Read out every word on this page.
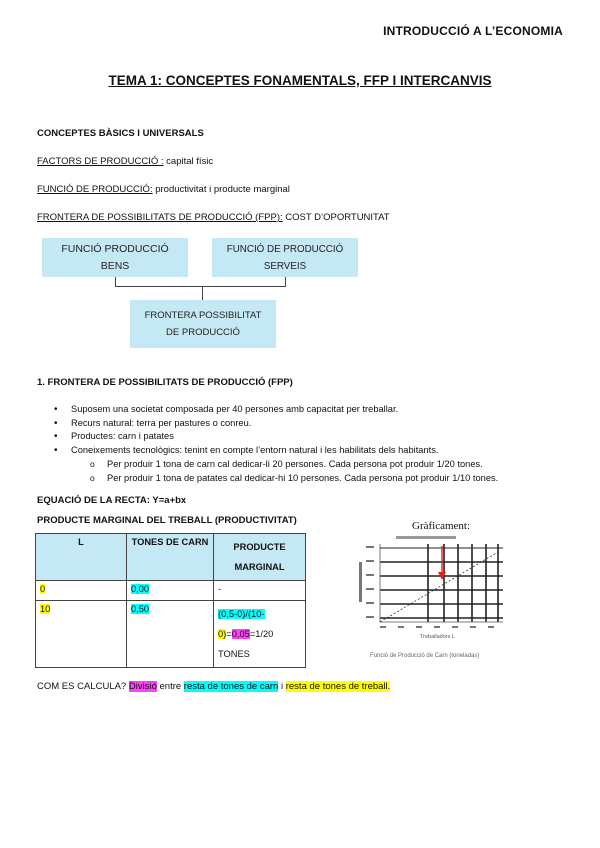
INTRODUCCIÓ A L’ECONOMIA
TEMA 1: CONCEPTES FONAMENTALS, FFP I INTERCANVIS
CONCEPTES BÀSICS I UNIVERSALS
FACTORS DE PRODUCCIÓ : capital físic
FUNCIÓ DE PRODUCCIÓ: productivitat i producte marginal
FRONTERA DE POSSIBILITATS DE PRODUCCIÓ (FPP): COST D’OPORTUNITAT
FUNCIÓ PRODUCCIÓ BENS
FUNCIÓ DE PRODUCCIÓ SERVEIS
FRONTERA POSSIBILITAT DE PRODUCCIÓ
1. FRONTERA DE POSSIBILITATS DE PRODUCCIÓ (FPP)
• Suposem una societat composada per 40 persones amb capacitat per treballar.
• Recurs natural: terra per pastures o conreu.
• Productes: carn i patates
• Coneixements tecnològics: tenint en compte l’entorn natural i les habilitats dels habitants.
o Per produir 1 tona de carn cal dedicar-li 20 persones. Cada persona pot produir 1/20 tones.
o Per produir 1 tona de patates cal dedicar-hi 10 persones. Cada persona pot produir 1/10 tones.
EQUACIÓ DE LA RECTA: Y=a+bx
PRODUCTE MARGINAL DEL TREBALL (PRODUCTIVITAT)
L	TONES DE CARN	PRODUCTE MARGINAL
0	0,00	-
10	0,50	(0,5-0)/(10-
0)=0,05=1/20
TONES
Gràficament:
Treballadors L
Funció de Producció de Carn (toneladas)
COM ES CALCULA? Divisió entre resta de tones de carn i resta de tones de treball.
